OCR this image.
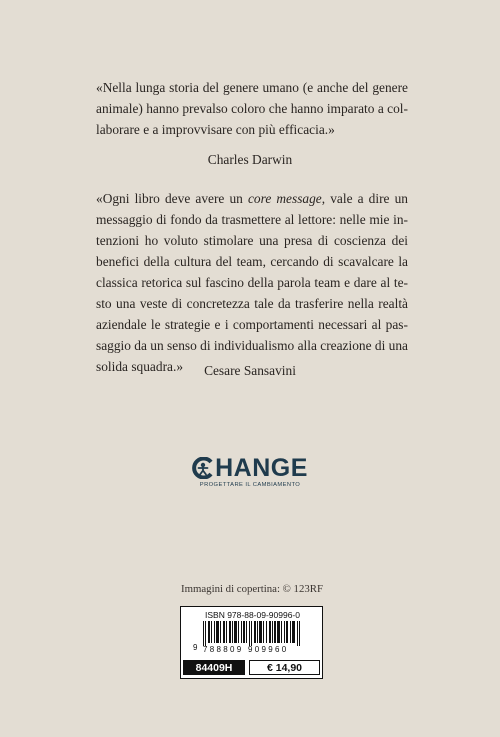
«Nella lunga storia del genere umano (e anche del genere animale) hanno prevalso coloro che hanno imparato a collaborare e a improvvisare con più efficacia.»
Charles Darwin
«Ogni libro deve avere un core message, vale a dire un messaggio di fondo da trasmettere al lettore: nelle mie intenzioni ho voluto stimolare una presa di coscienza dei benefici della cultura del team, cercando di scavalcare la classica retorica sul fascino della parola team e dare al testo una veste di concretezza tale da trasferire nella realtà aziendale le strategie e i comportamenti necessari al passaggio da un senso di individualismo alla creazione di una solida squadra.»	Cesare Sansavini
HANGE
PROGETTARE IL CAMBIAMENTO
Immagini di copertina: © 123RF
ISBN 978-88-09-90996-0
9 788809 909960
84409H	€ 14,90
